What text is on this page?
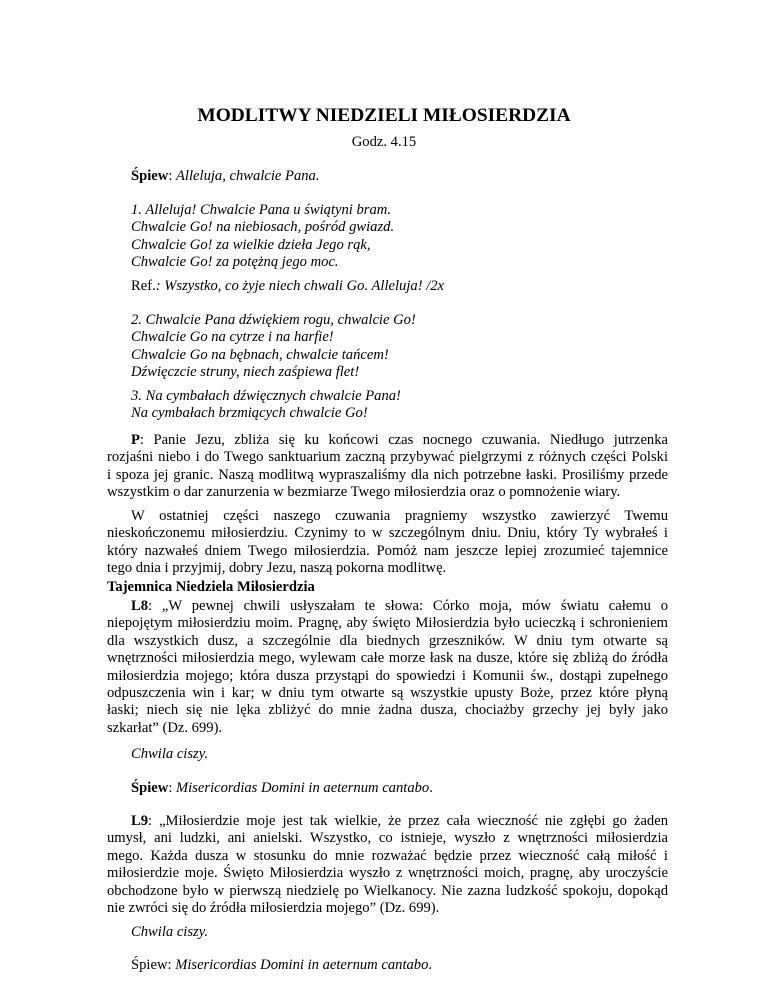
MODLITWY NIEDZIELI MIŁOSIERDZIA
Godz. 4.15
Śpiew: Alleluja, chwalcie Pana.
1. Alleluja! Chwalcie Pana u świątyni bram.
Chwalcie Go! na niebiosach, pośród gwiazd.
Chwalcie Go! za wielkie dzieła Jego rąk,
Chwalcie Go! za potężną jego moc.
Ref.: Wszystko, co żyje niech chwali Go. Alleluja! /2x
2. Chwalcie Pana dźwiękiem rogu, chwalcie Go!
Chwalcie Go na cytrze i na harfie!
Chwalcie Go na bębnach, chwalcie tańcem!
Dźwięczcie struny, niech zaśpiewa flet!
3. Na cymbałach dźwięcznych chwalcie Pana!
Na cymbałach brzmiących chwalcie Go!
P: Panie Jezu, zbliża się ku końcowi czas nocnego czuwania. Niedługo jutrzenka
rozjaśni niebo i do Twego sanktuarium zaczną przybywać pielgrzymi z różnych części Polski
i spoza jej granic. Naszą modlitwą wypraszaliśmy dla nich potrzebne łaski. Prosiliśmy przede
wszystkim o dar zanurzenia w bezmiarze Twego miłosierdzia oraz o pomnożenie wiary.
W ostatniej części naszego czuwania pragniemy wszystko zawierzyć Twemu
nieskończonemu miłosierdziu. Czynimy to w szczególnym dniu. Dniu, który Ty wybrałeś i
który nazwałeś dniem Twego miłosierdzia. Pomóż nam jeszcze lepiej zrozumieć tajemnice
tego dnia i przyjmij, dobry Jezu, naszą pokorna modlitwę.
Tajemnica Niedziela Miłosierdzia
L8: „W pewnej chwili usłyszałam te słowa: Córko moja, mów światu całemu o
niepojętym miłosierdziu moim. Pragnę, aby święto Miłosierdzia było ucieczką i schronieniem
dla wszystkich dusz, a szczególnie dla biednych grzeszników. W dniu tym otwarte są
wnętrzności miłosierdzia mego, wylewam całe morze łask na dusze, które się zbliżą do źródła
miłosierdzia mojego; która dusza przystąpi do spowiedzi i Komunii św., dostąpi zupełnego
odpuszczenia win i kar; w dniu tym otwarte są wszystkie upusty Boże, przez które płyną
łaski; niech się nie lęka zbliżyć do mnie żadna dusza, chociażby grzechy jej były jako
szkarłat” (Dz. 699).
Chwila ciszy.
Śpiew: Misericordias Domini in aeternum cantabo.
L9: „Miłosierdzie moje jest tak wielkie, że przez cała wieczność nie zgłębi go żaden
umysł, ani ludzki, ani anielski. Wszystko, co istnieje, wyszło z wnętrzności miłosierdzia
mego. Każda dusza w stosunku do mnie rozważać będzie przez wieczność całą miłość i
miłosierdzie moje. Święto Miłosierdzia wyszło z wnętrzności moich, pragnę, aby uroczyście
obchodzone było w pierwszą niedzielę po Wielkanocy. Nie zazna ludzkość spokoju, dopokąd
nie zwróci się do źródła miłosierdzia mojego” (Dz. 699).
Chwila ciszy.
Śpiew: Misericordias Domini in aeternum cantabo.
